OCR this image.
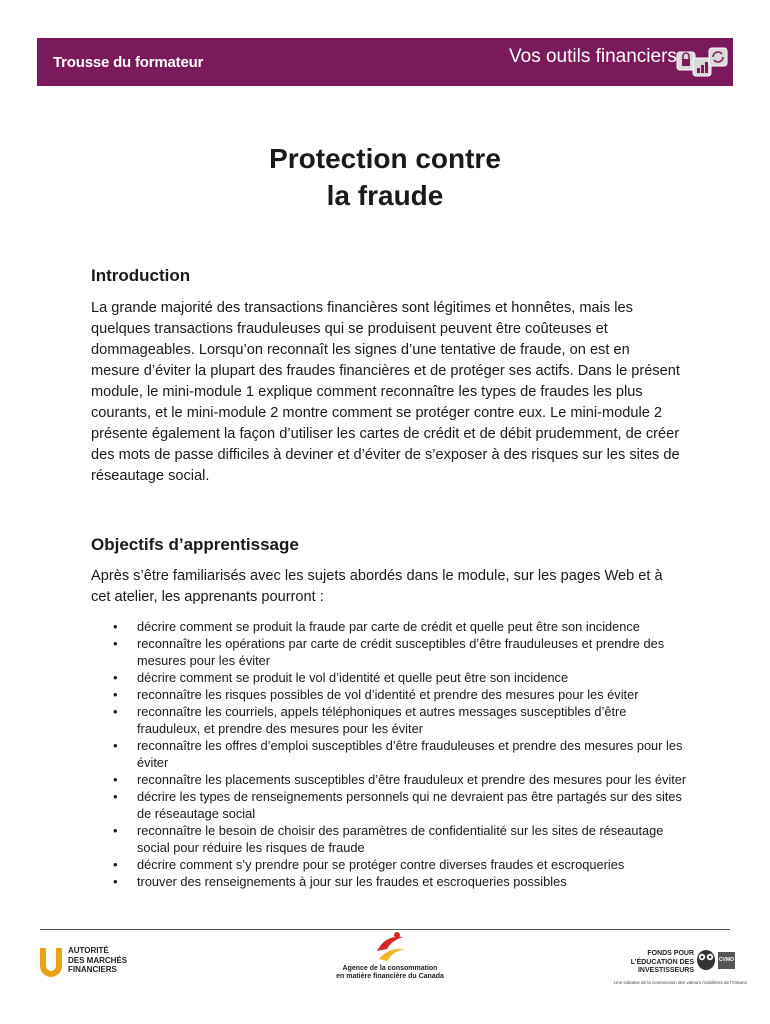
Trousse du formateur	Vos outils financiers
Protection contre
la fraude
Introduction

La grande majorité des transactions financières sont légitimes et honnêtes, mais les quelques transactions frauduleuses qui se produisent peuvent être coûteuses et dommageables. Lorsqu’on reconnaît les signes d’une tentative de fraude, on est en mesure d’éviter la plupart des fraudes financières et de protéger ses actifs. Dans le présent module, le mini-module 1 explique comment reconnaître les types de fraudes les plus courants, et le mini-module 2 montre comment se protéger contre eux. Le mini-module 2 présente également la façon d’utiliser les cartes de crédit et de débit prudemment, de créer des mots de passe difficiles à deviner et d’éviter de s’exposer à des risques sur les sites de réseautage social.

Objectifs d’apprentissage

Après s’être familiarisés avec les sujets abordés dans le module, sur les pages Web et à cet atelier, les apprenants pourront :

• décrire comment se produit la fraude par carte de crédit et quelle peut être son incidence
• reconnaître les opérations par carte de crédit susceptibles d’être frauduleuses et prendre des mesures pour les éviter
• décrire comment se produit le vol d’identité et quelle peut être son incidence
• reconnaître les risques possibles de vol d’identité et prendre des mesures pour les éviter
• reconnaître les courriels, appels téléphoniques et autres messages susceptibles d’être frauduleux, et prendre des mesures pour les éviter
• reconnaître les offres d’emploi susceptibles d’être frauduleuses et prendre des mesures pour les éviter
• reconnaître les placements susceptibles d’être frauduleux et prendre des mesures pour les éviter
• décrire les types de renseignements personnels qui ne devraient pas être partagés sur des sites de réseautage social
• reconnaître le besoin de choisir des paramètres de confidentialité sur les sites de réseautage social pour réduire les risques de fraude
• décrire comment s’y prendre pour se protéger contre diverses fraudes et escroqueries
• trouver des renseignements à jour sur les fraudes et escroqueries possibles
AUTORITÉ
DES MARCHÉS
FINANCIERS	Agence de la consommation
en matière financière du Canada
FONDS POUR
L’ÉDUCATION DES
INVESTISSEURS
CVMO
Une initiative de la Commission des valeurs mobilières de l’Ontario
